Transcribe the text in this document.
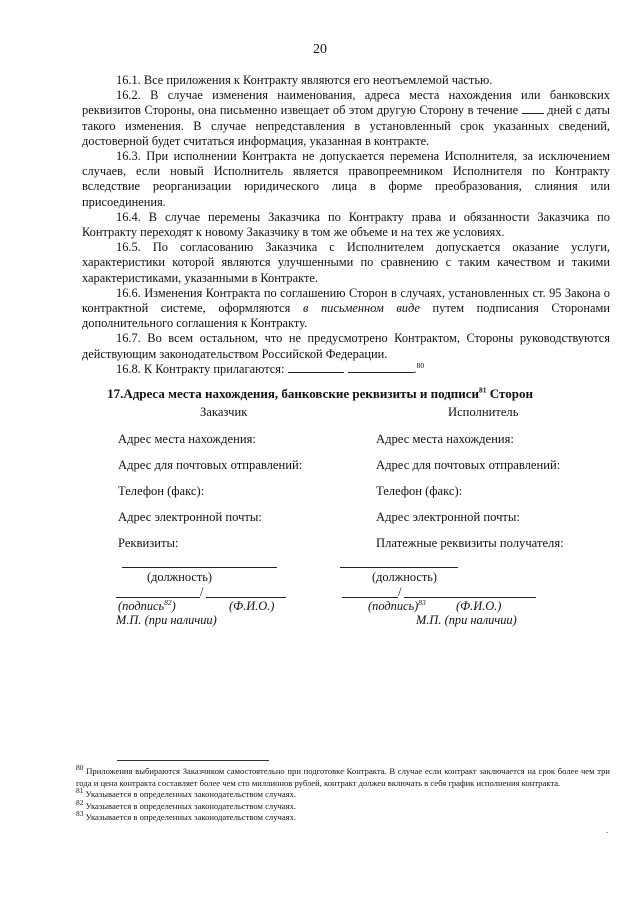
20

16.1. Все приложения к Контракту являются его неотъемлемой частью.

16.2. В случае изменения наименования, адреса места нахождения или банковских реквизитов Стороны, она письменно извещает об этом другую Сторону в течение дней с даты такого изменения. В случае непредставления в установленный срок указанных сведений, достоверной будет считаться информация, указанная в контракте.

16.3. При исполнении Контракта не допускается перемена Исполнителя, за исключением случаев, если новый Исполнитель является правопреемником Исполнителя по Контракту вследствие реорганизации юридического лица в форме преобразования, слияния или присоединения.

16.4. В случае перемены Заказчика по Контракту права и обязанности Заказчика по Контракту переходят к новому Заказчику в том же объеме и на тех же условиях.

16.5. По согласованию Заказчика с Исполнителем допускается оказание услуги, характеристики которой являются улучшенными по сравнению с таким качеством и такими характеристиками, указанными в Контракте.

16.6. Изменения Контракта по соглашению Сторон в случаях, установленных ст. 95 Закона о контрактной системе, оформляются в письменном виде путем подписания Сторонами дополнительного соглашения к Контракту.

16.7. Во всем остальном, что не предусмотрено Контрактом, Стороны руководствуются действующим законодательством Российской Федерации.

16.8. К Контракту прилагаются:	.$^{80}$

17.Адреса места нахождения, банковские реквизиты и подписи$^{81}$ Сторон
Заказчик
Адрес места нахождения:
Адрес для почтовых отправлений:
Телефон (факс):
Адрес электронной почты:
Реквизиты:
(должность)
/
(подпись$^{82}$)	(Ф.И.О.)
М.П. (при наличии)
Исполнитель
Адрес места нахождения:
Адрес для почтовых отправлений:
Телефон (факс):
Адрес электронной почты:
Платежные реквизиты получателя:
(должность)
/
(подпись)$^{83}$ (Ф.И.О.)
М.П. (при наличии)

$^{80}$ Приложения выбираются Заказчиком самостоятельно при подготовке Контракта. В случае если контракт заключается на срок более чем три года и цена контракта составляет более чем сто миллионов рублей, контракт должен включать в себя график исполнения контракта.

$^{81}$ Указывается в определенных законодательством случаях.

$^{82}$ Указывается в определенных законодательством случаях.

$^{83}$ Указывается в определенных законодательством случаях.

.
